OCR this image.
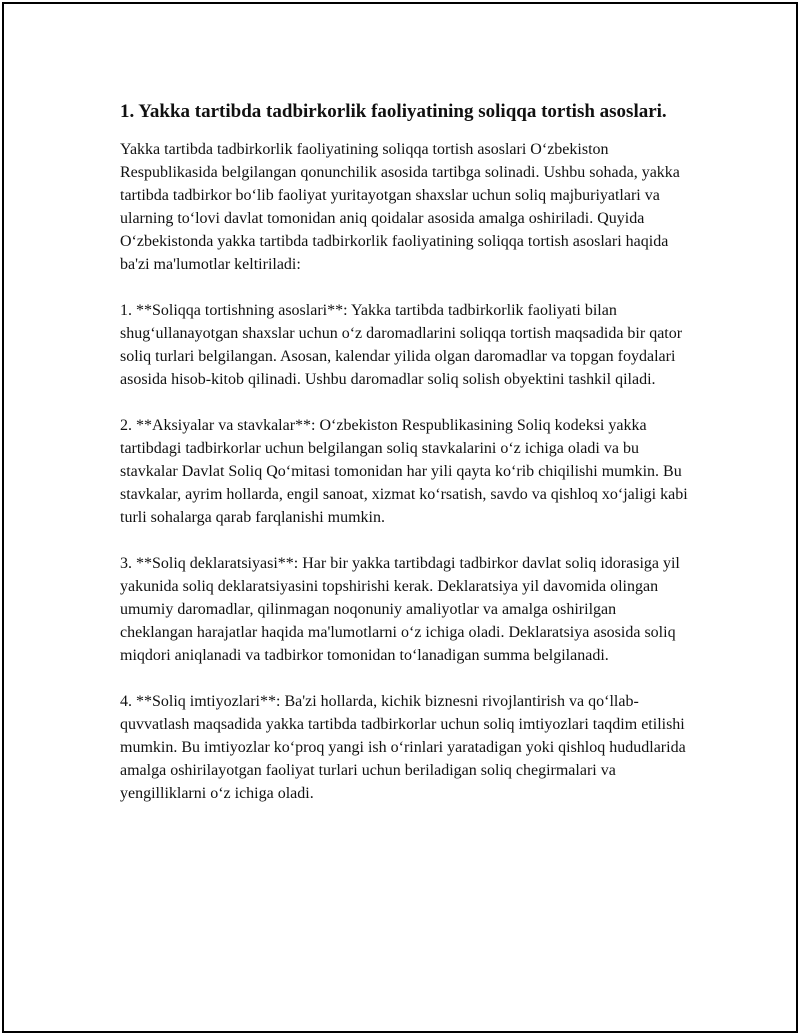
1. Yakka tartibda tadbirkorlik faoliyatining soliqqa tortish asoslari.

Yakka tartibda tadbirkorlik faoliyatining soliqqa tortish asoslari O‘zbekiston Respublikasida belgilangan qonunchilik asosida tartibga solinadi. Ushbu sohada, yakka tartibda tadbirkor bo‘lib faoliyat yuritayotgan shaxslar uchun soliq majburiyatlari va ularning to‘lovi davlat tomonidan aniq qoidalar asosida amalga oshiriladi. Quyida O‘zbekistonda yakka tartibda tadbirkorlik faoliyatining soliqqa tortish asoslari haqida ba'zi ma'lumotlar keltiriladi:

1. **Soliqqa tortishning asoslari**: Yakka tartibda tadbirkorlik faoliyati bilan shug‘ullanayotgan shaxslar uchun o‘z daromadlarini soliqqa tortish maqsadida bir qator soliq turlari belgilangan. Asosan, kalendar yilida olgan daromadlar va topgan foydalari asosida hisob-kitob qilinadi. Ushbu daromadlar soliq solish obyektini tashkil qiladi.

2. **Aksiyalar va stavkalar**: O‘zbekiston Respublikasining Soliq kodeksi yakka tartibdagi tadbirkorlar uchun belgilangan soliq stavkalarini o‘z ichiga oladi va bu stavkalar Davlat Soliq Qo‘mitasi tomonidan har yili qayta ko‘rib chiqilishi mumkin. Bu stavkalar, ayrim hollarda, engil sanoat, xizmat ko‘rsatish, savdo va qishloq xo‘jaligi kabi turli sohalarga qarab farqlanishi mumkin.

3. **Soliq deklaratsiyasi**: Har bir yakka tartibdagi tadbirkor davlat soliq idorasiga yil yakunida soliq deklaratsiyasini topshirishi kerak. Deklaratsiya yil davomida olingan umumiy daromadlar, qilinmagan noqonuniy amaliyotlar va amalga oshirilgan cheklangan harajatlar haqida ma'lumotlarni o‘z ichiga oladi. Deklaratsiya asosida soliq miqdori aniqlanadi va tadbirkor tomonidan to‘lanadigan summa belgilanadi.

4. **Soliq imtiyozlari**: Ba'zi hollarda, kichik biznesni rivojlantirish va qo‘llab-quvvatlash maqsadida yakka tartibda tadbirkorlar uchun soliq imtiyozlari taqdim etilishi mumkin. Bu imtiyozlar ko‘proq yangi ish o‘rinlari yaratadigan yoki qishloq hududlarida amalga oshirilayotgan faoliyat turlari uchun beriladigan soliq chegirmalari va yengilliklarni o‘z ichiga oladi.
